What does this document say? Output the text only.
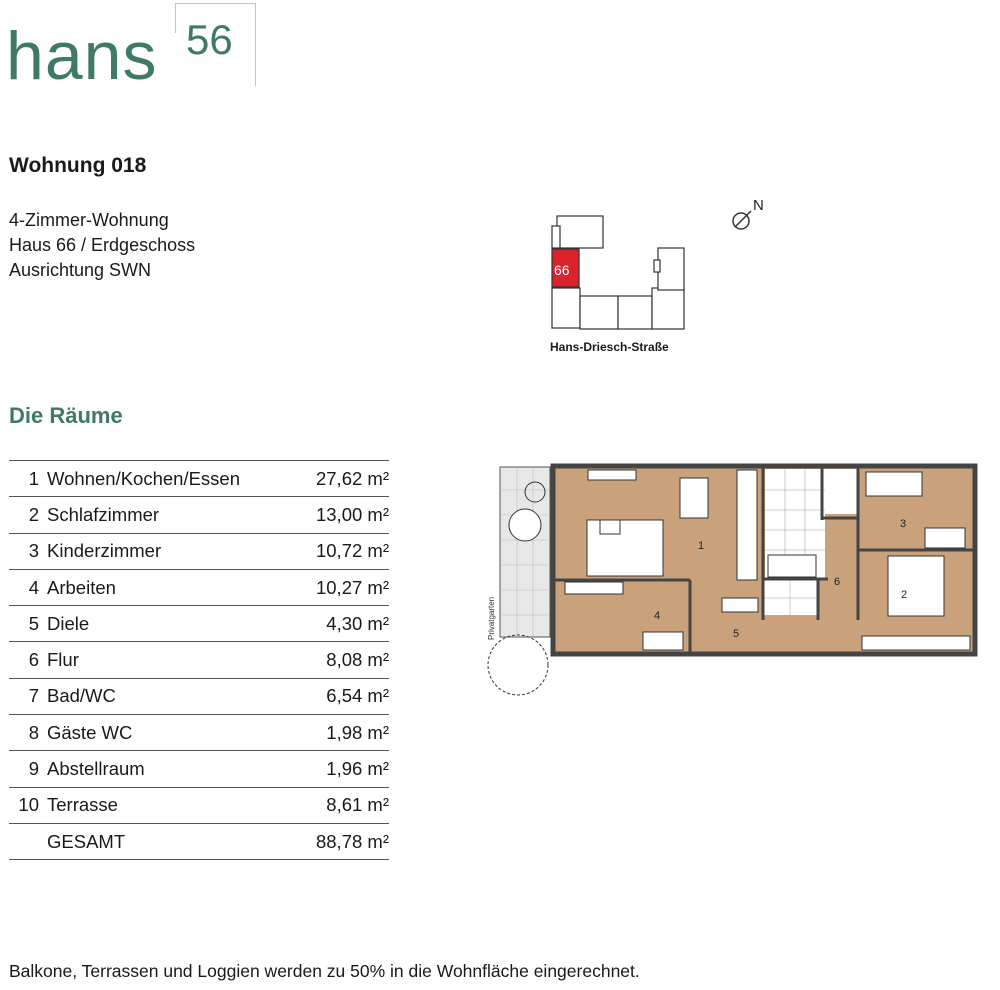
hans 56
Wohnung 018
4-Zimmer-Wohnung
Haus 66 / Erdgeschoss
Ausrichtung SWN	66
N
Hans-Driesch-Straße
Die Räume
1	Wohnen/Kochen/Essen	27,62 m²
2	Schlafzimmer	13,00 m²
3	Kinderzimmer	10,72 m²
4	Arbeiten	10,27 m²
5	Diele	4,30 m²
6	Flur	8,08 m²
7	Bad/WC	6,54 m²
8	Gäste WC	1,98 m²
9	Abstellraum	1,96 m²
10	Terrasse	8,61 m²
	GESAMT	88,78 m²
Privatgarten
1
2
3
4
5
6
Balkone, Terrassen und Loggien werden zu 50% in die Wohnfläche eingerechnet.
